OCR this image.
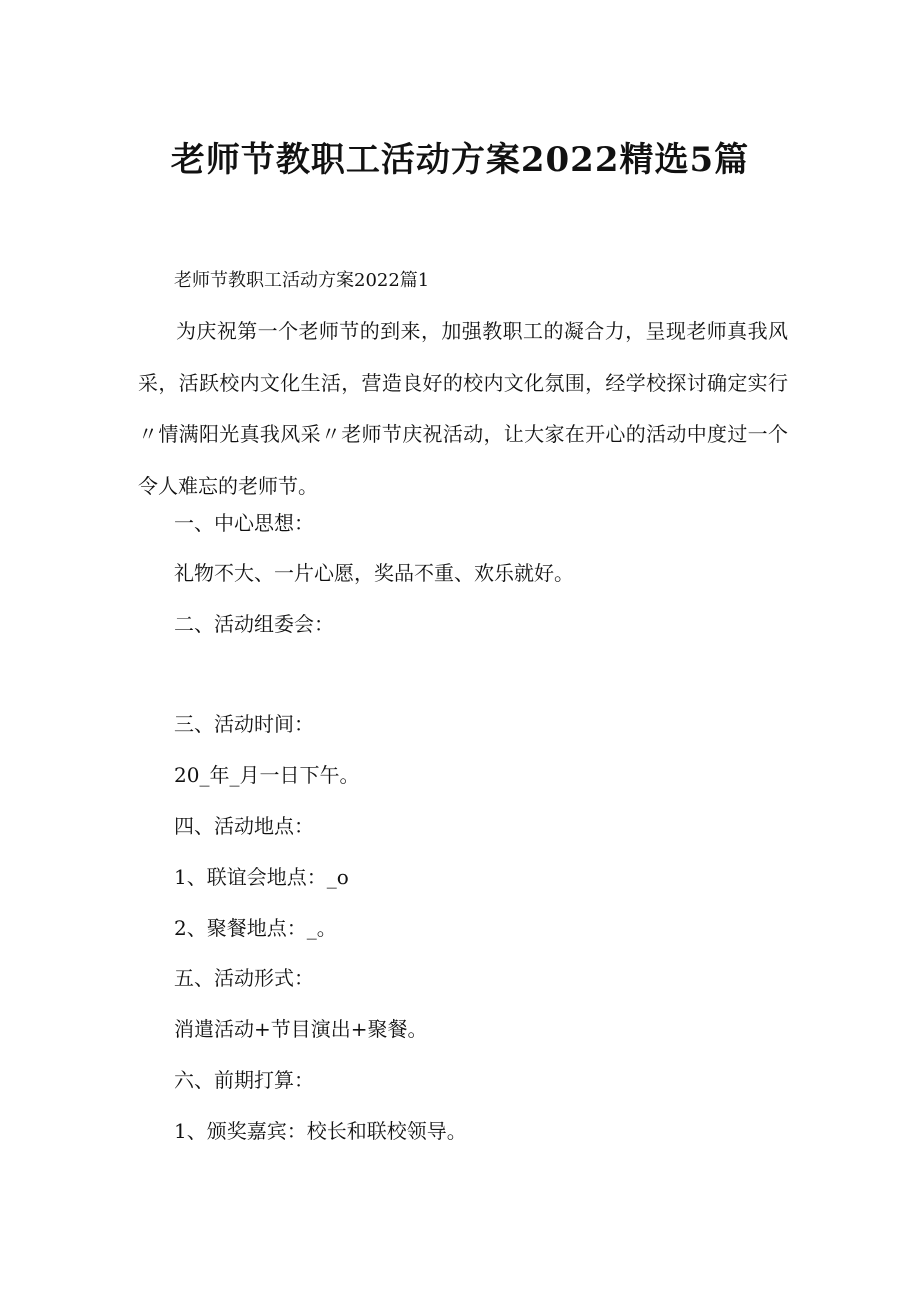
老师节教职工活动方案2022精选5篇
老师节教职工活动方案2022篇1
为庆祝第一个老师节的到来，加强教职工的凝合力，呈现老师真我风采，活跃校内文化生活，营造良好的校内文化氛围，经学校探讨确定实行〃情满阳光真我风采〃老师节庆祝活动，让大家在开心的活动中度过一个令人难忘的老师节。
一、中心思想：
礼物不大、一片心愿，奖品不重、欢乐就好。
二、活动组委会：
三、活动时间：
20_年_月一日下午。
四、活动地点：
1、联谊会地点：_o
2、聚餐地点：_。
五、活动形式：
消遣活动+节目演出+聚餐。
六、前期打算：
1、颁奖嘉宾：校长和联校领导。
